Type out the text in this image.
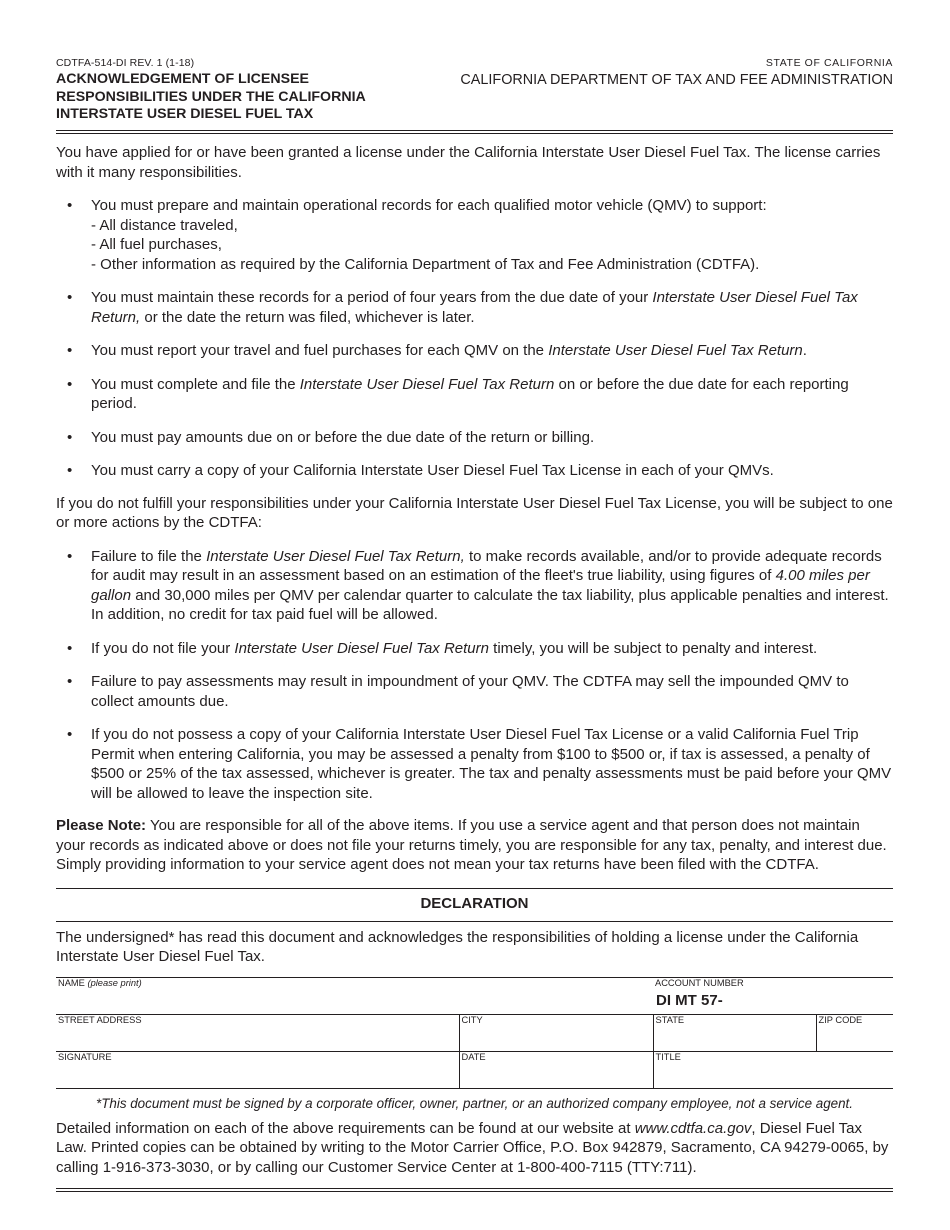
CDTFA-514-DI REV. 1 (1-18)
ACKNOWLEDGEMENT OF LICENSEE
RESPONSIBILITIES UNDER THE CALIFORNIA
INTERSTATE USER DIESEL FUEL TAX
STATE OF CALIFORNIA
CALIFORNIA DEPARTMENT OF TAX AND FEE ADMINISTRATION

You have applied for or have been granted a license under the California Interstate User Diesel Fuel Tax. The license carries with it many responsibilities.

• You must prepare and maintain operational records for each qualified motor vehicle (QMV) to support:
- All distance traveled,
- All fuel purchases,
- Other information as required by the California Department of Tax and Fee Administration (CDTFA).
• You must maintain these records for a period of four years from the due date of your Interstate User Diesel Fuel Tax Return, or the date the return was filed, whichever is later.
• You must report your travel and fuel purchases for each QMV on the Interstate User Diesel Fuel Tax Return.
• You must complete and file the Interstate User Diesel Fuel Tax Return on or before the due date for each reporting period.
• You must pay amounts due on or before the due date of the return or billing.
• You must carry a copy of your California Interstate User Diesel Fuel Tax License in each of your QMVs.

If you do not fulfill your responsibilities under your California Interstate User Diesel Fuel Tax License, you will be subject to one or more actions by the CDTFA:

• Failure to file the Interstate User Diesel Fuel Tax Return, to make records available, and/or to provide adequate records for audit may result in an assessment based on an estimation of the fleet's true liability, using figures of 4.00 miles per gallon and 30,000 miles per QMV per calendar quarter to calculate the tax liability, plus applicable penalties and interest. In addition, no credit for tax paid fuel will be allowed.
• If you do not file your Interstate User Diesel Fuel Tax Return timely, you will be subject to penalty and interest.
• Failure to pay assessments may result in impoundment of your QMV. The CDTFA may sell the impounded QMV to collect amounts due.
• If you do not possess a copy of your California Interstate User Diesel Fuel Tax License or a valid California Fuel Trip Permit when entering California, you may be assessed a penalty from $100 to $500 or, if tax is assessed, a penalty of $500 or 25% of the tax assessed, whichever is greater. The tax and penalty assessments must be paid before your QMV will be allowed to leave the inspection site.

Please Note: You are responsible for all of the above items. If you use a service agent and that person does not maintain your records as indicated above or does not file your returns timely, you are responsible for any tax, penalty, and interest due. Simply providing information to your service agent does not mean your tax returns have been filed with the CDTFA.

DECLARATION

The undersigned* has read this document and acknowledges the responsibilities of holding a license under the California Interstate User Diesel Fuel Tax.

NAME (please print)		ACCOUNT NUMBER
DI MT 57-	

STREET ADDRESS	CITY	STATE	ZIP CODE

SIGNATURE	DATE	TITLE	
*This document must be signed by a corporate officer, owner, partner, or an authorized company employee, not a service agent.

Detailed information on each of the above requirements can be found at our website at www.cdtfa.ca.gov, Diesel Fuel Tax Law. Printed copies can be obtained by writing to the Motor Carrier Office, P.O. Box 942879, Sacramento, CA 94279-0065, by calling 1-916-373-3030, or by calling our Customer Service Center at 1-800-400-7115 (TTY:711).
